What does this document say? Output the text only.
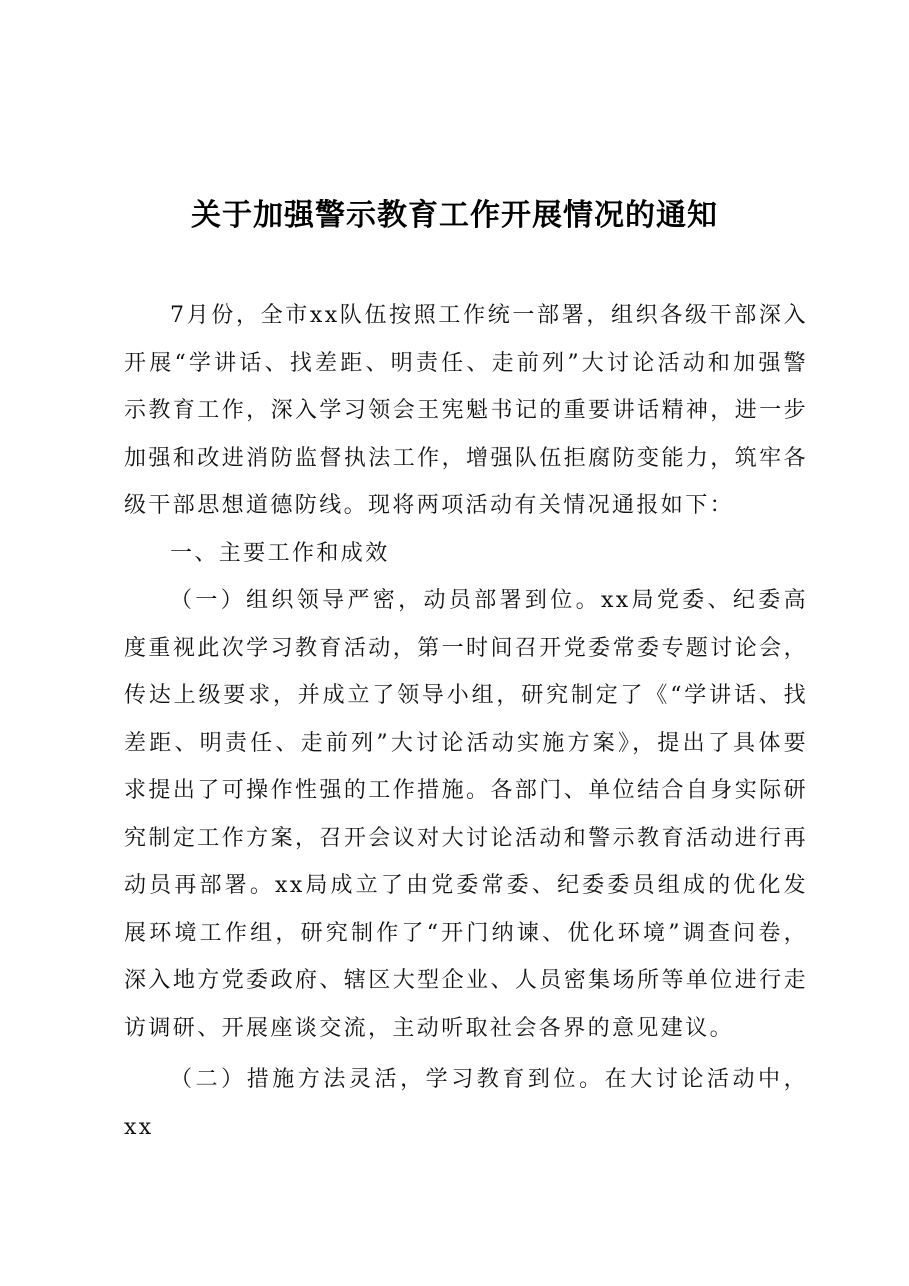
关于加强警示教育工作开展情况的通知

7月份，全市xx队伍按照工作统一部署，组织各级干部深入开展“学讲话、找差距、明责任、走前列”大讨论活动和加强警示教育工作，深入学习领会王宪魁书记的重要讲话精神，进一步加强和改进消防监督执法工作，增强队伍拒腐防变能力，筑牢各级干部思想道德防线。现将两项活动有关情况通报如下：

一、主要工作和成效

（一）组织领导严密，动员部署到位。xx局党委、纪委高度重视此次学习教育活动，第一时间召开党委常委专题讨论会，传达上级要求，并成立了领导小组，研究制定了《“学讲话、找差距、明责任、走前列”大讨论活动实施方案》，提出了具体要求提出了可操作性强的工作措施。各部门、单位结合自身实际研究制定工作方案，召开会议对大讨论活动和警示教育活动进行再动员再部署。xx局成立了由党委常委、纪委委员组成的优化发展环境工作组，研究制作了“开门纳谏、优化环境”调查问卷，深入地方党委政府、辖区大型企业、人员密集场所等单位进行走访调研、开展座谈交流，主动听取社会各界的意见建议。

（二）措施方法灵活，学习教育到位。在大讨论活动中，xx
